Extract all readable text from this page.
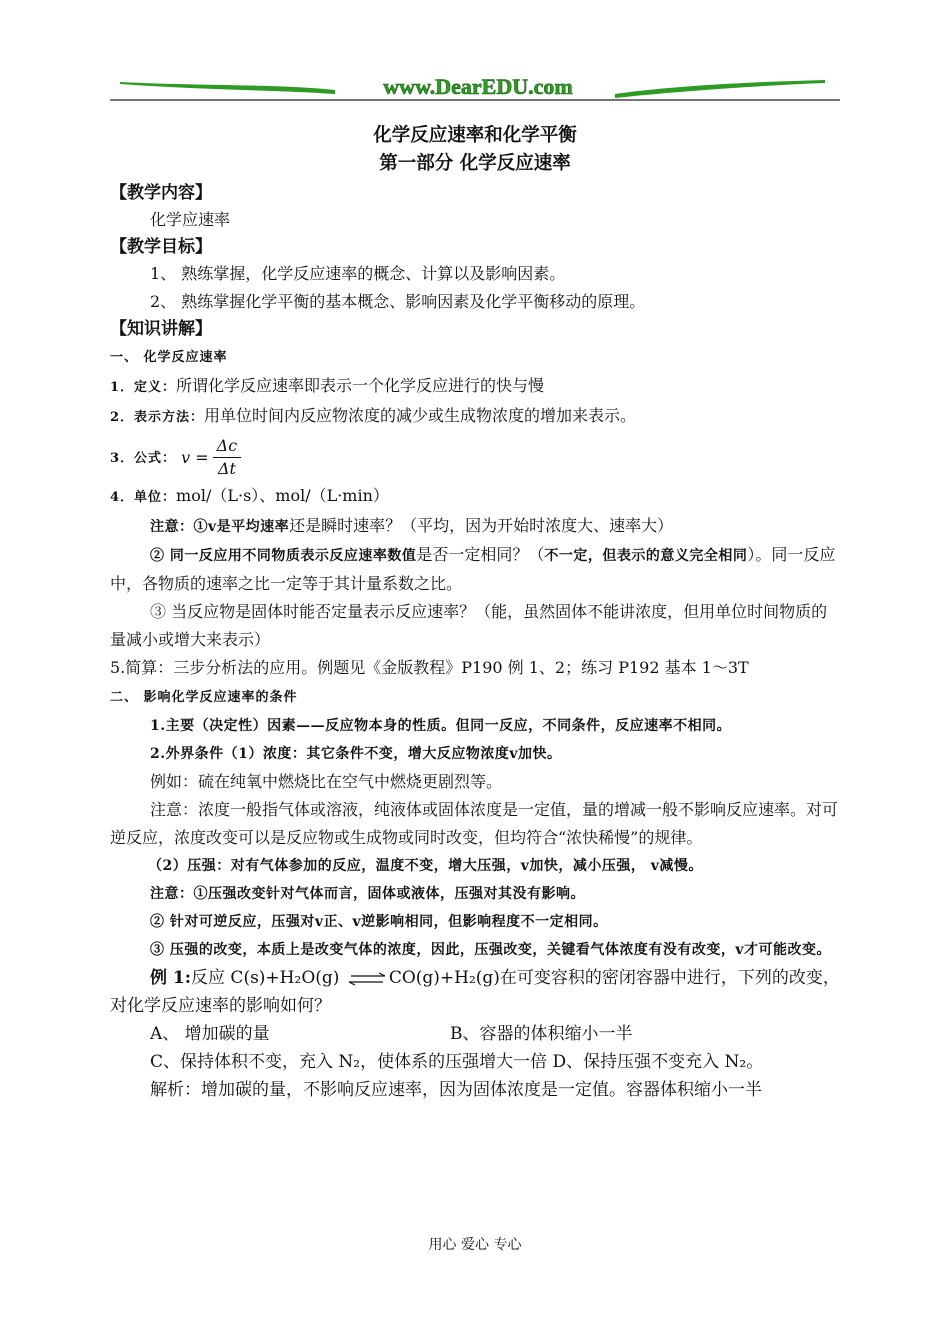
www.DearEDU.com
化学反应速率和化学平衡
第一部分 化学反应速率
【教学内容】

化学应速率

【教学目标】

1、 熟练掌握，化学反应速率的概念、计算以及影响因素。

2、 熟练掌握化学平衡的基本概念、影响因素及化学平衡移动的原理。

【知识讲解】

一、 化学反应速率

1．定义：所谓化学反应速率即表示一个化学反应进行的快与慢

2．表示方法：用单位时间内反应物浓度的减少或生成物浓度的增加来表示。

3．公式： $v = \frac{\Delta c}{\Delta t}$

4．单位：mol/（L·s）、mol/（L·min）

注意：①v是平均速率还是瞬时速率？（平均，因为开始时浓度大、速率大）

② 同一反应用不同物质表示反应速率数值是否一定相同？（不一定，但表示的意义完全相同）。同一反应中，各物质的速率之比一定等于其计量系数之比。

③ 当反应物是固体时能否定量表示反应速率？（能，虽然固体不能讲浓度，但用单位时间物质的量减小或增大来表示）

5.简算：三步分析法的应用。例题见《金版教程》P190 例 1、2；练习 P192 基本 1～3T

二、 影响化学反应速率的条件

1.主要（决定性）因素——反应物本身的性质。但同一反应，不同条件，反应速率不相同。

2.外界条件（1）浓度：其它条件不变，增大反应物浓度v加快。

例如：硫在纯氧中燃烧比在空气中燃烧更剧烈等。

注意：浓度一般指气体或溶液，纯液体或固体浓度是一定值，量的增减一般不影响反应速率。对可逆反应，浓度改变可以是反应物或生成物或同时改变，但均符合“浓快稀慢”的规律。

（2）压强：对有气体参加的反应，温度不变，增大压强，v加快，减小压强， v减慢。

注意：①压强改变针对气体而言，固体或液体，压强对其没有影响。

② 针对可逆反应，压强对v正、v逆影响相同，但影响程度不一定相同。

③ 压强的改变，本质上是改变气体的浓度，因此，压强改变，关键看气体浓度有没有改变，v才可能改变。

例 1:反应 C(s)+H₂O(g) ⇌CO(g)+H₂(g)在可变容积的密闭容器中进行，下列的改变，对化学反应速率的影响如何？

A、 增加碳的量	B、容器的体积缩小一半

C、保持体积不变，充入 N₂，使体系的压强增大一倍 D、保持压强不变充入 N₂。

解析：增加碳的量，不影响反应速率，因为固体浓度是一定值。容器体积缩小一半

用心 爱心 专心
